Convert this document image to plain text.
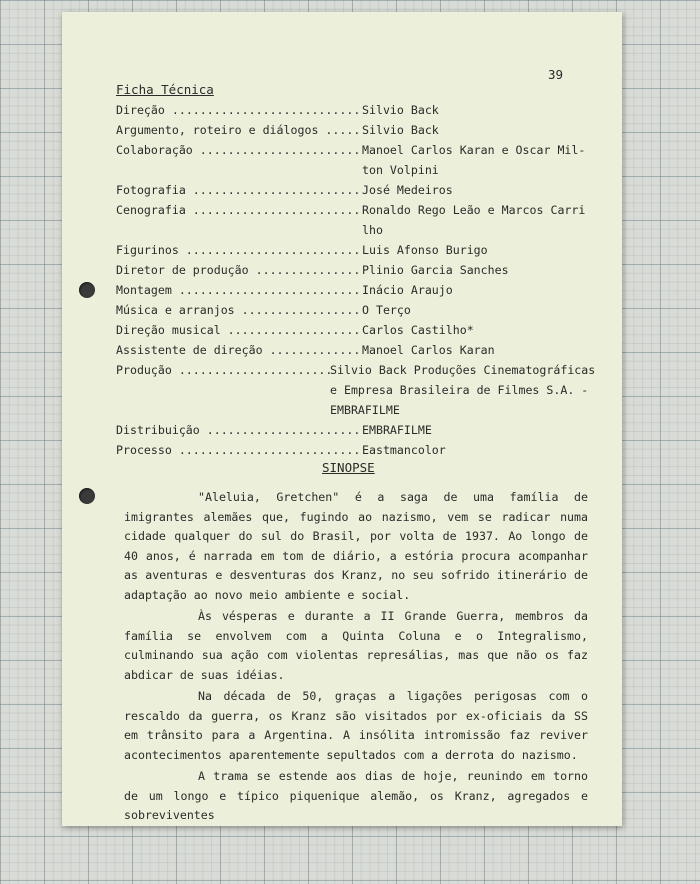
39
Ficha Técnica
Direção .....	Silvio Back
Argumento, roteiro e diálogos .....	Silvio Back
Colaboração .....	Manoel Carlos Karan e Oscar Mil-
ton Volpini
Fotografia .....	José Medeiros
Cenografia .....	Ronaldo Rego Leão e Marcos Carri
lho
Figurinos .....	Luis Afonso Burigo
Diretor de produção .....	Plinio Garcia Sanches
Montagem .....	Inácio Araujo
Música e arranjos .....	O Terço
Direção musical .....	Carlos Castilho*
Assistente de direção .....	Manoel Carlos Karan
Produção .....	Silvio Back Produções Cinematográficas
e Empresa Brasileira de Filmes S.A. -
EMBRAFILME
Distribuição .....	EMBRAFILME
Processo .....	Eastmancolor
SINOPSE

"Aleluia, Gretchen" é a saga de uma família de imigrantes alemães que, fugindo ao nazismo, vem se radicar numa cidade qualquer do sul do Brasil, por volta de 1937. Ao longo de 40 anos, é narrada em tom de diário, a estória procura acompanhar as aventuras e desventuras dos Kranz, no seu sofrido itinerário de adaptação ao novo meio ambiente e social.

Às vésperas e durante a II Grande Guerra, membros da família se envolvem com a Quinta Coluna e o Integralismo, culminando sua ação com violentas represálias, mas que não os faz abdicar de suas idéias.

Na década de 50, graças a ligações perigosas com o rescaldo da guerra, os Kranz são visitados por ex-oficiais da SS em trânsito para a Argentina. A insólita intromissão faz reviver acontecimentos aparentemente sepultados com a derrota do nazismo.

A trama se estende aos dias de hoje, reunindo em torno de um longo e típico piquenique alemão, os Kranz, agregados e sobreviventes
